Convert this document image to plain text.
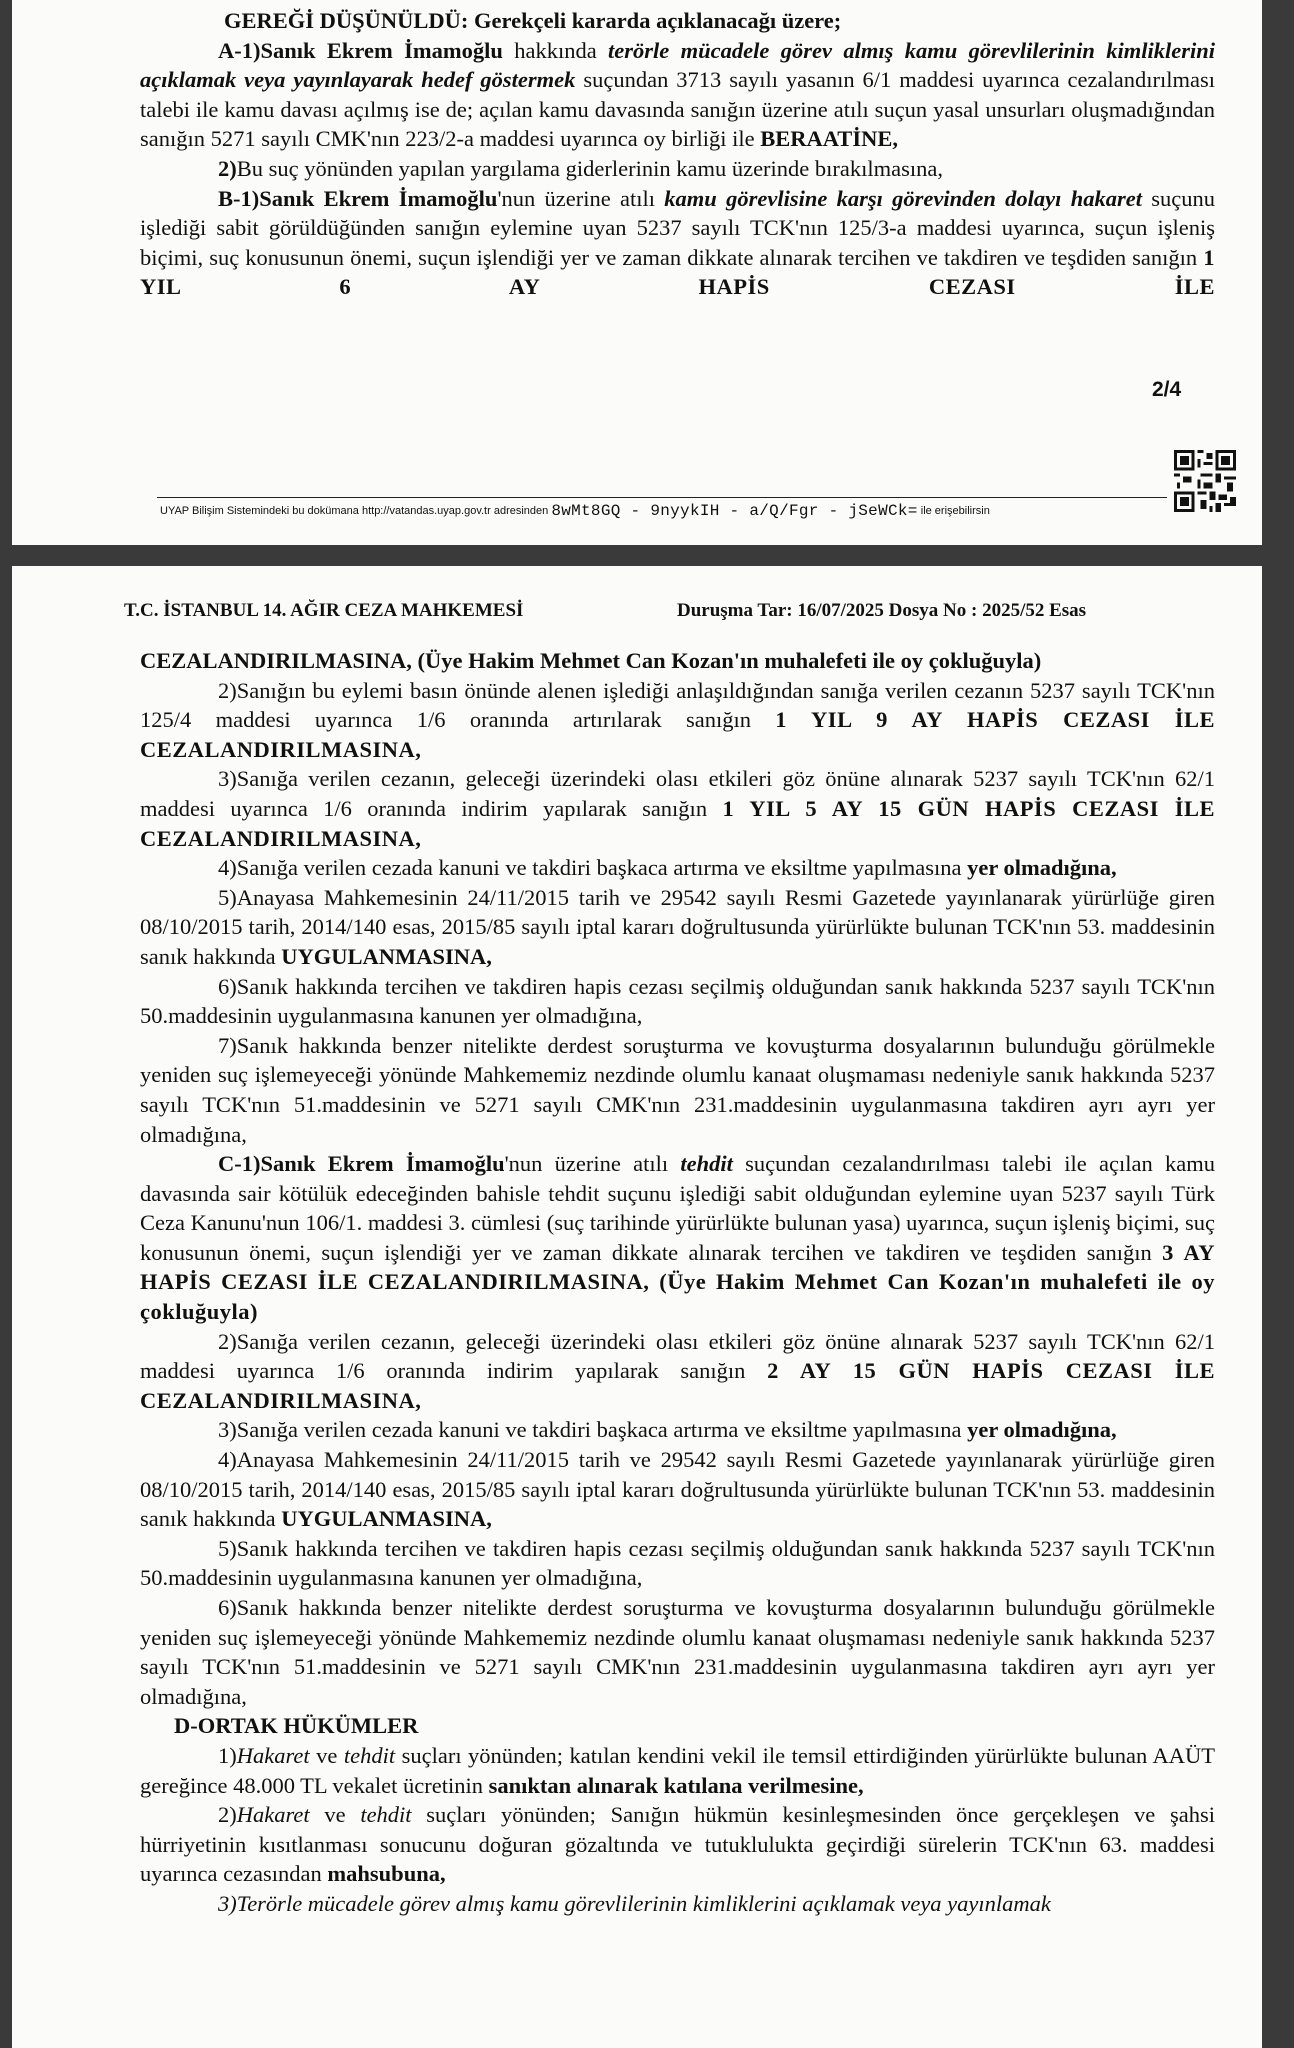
GEREĞİ DÜŞÜNÜLDÜ: Gerekçeli kararda açıklanacağı üzere;

A-1)Sanık Ekrem İmamoğlu hakkında terörle mücadele görev almış kamu görevlilerinin kimliklerini açıklamak veya yayınlayarak hedef göstermek suçundan 3713 sayılı yasanın 6/1 maddesi uyarınca cezalandırılması talebi ile kamu davası açılmış ise de; açılan kamu davasında sanığın üzerine atılı suçun yasal unsurları oluşmadığından sanığın 5271 sayılı CMK'nın 223/2-a maddesi uyarınca oy birliği ile BERAATİNE,

2)Bu suç yönünden yapılan yargılama giderlerinin kamu üzerinde bırakılmasına,

B-1)Sanık Ekrem İmamoğlu'nun üzerine atılı kamu görevlisine karşı görevinden dolayı hakaret suçunu işlediği sabit görüldüğünden sanığın eylemine uyan 5237 sayılı TCK'nın 125/3-a maddesi uyarınca, suçun işleniş biçimi, suç konusunun önemi, suçun işlendiği yer ve zaman dikkate alınarak tercihen ve takdiren ve teşdiden sanığın 1 YIL 6 AY HAPİS CEZASI İLE

2/4
UYAP Bilişim Sistemindeki bu dokümana http://vatandas.uyap.gov.tr adresinden 8wMt8GQ - 9nyykIH - a/Q/Fgr - jSeWCk= ile erişebilirsin
T.C. İSTANBUL 14. AĞIR CEZA MAHKEMESİ	Duruşma Tar: 16/07/2025 Dosya No : 2025/52 Esas

CEZALANDIRILMASINA, (Üye Hakim Mehmet Can Kozan'ın muhalefeti ile oy çokluğuyla)

2)Sanığın bu eylemi basın önünde alenen işlediği anlaşıldığından sanığa verilen cezanın 5237 sayılı TCK'nın 125/4 maddesi uyarınca 1/6 oranında artırılarak sanığın 1 YIL 9 AY HAPİS CEZASI İLE CEZALANDIRILMASINA,

3)Sanığa verilen cezanın, geleceği üzerindeki olası etkileri göz önüne alınarak 5237 sayılı TCK'nın 62/1 maddesi uyarınca 1/6 oranında indirim yapılarak sanığın 1 YIL 5 AY 15 GÜN HAPİS CEZASI İLE CEZALANDIRILMASINA,

4)Sanığa verilen cezada kanuni ve takdiri başkaca artırma ve eksiltme yapılmasına yer olmadığına,

5)Anayasa Mahkemesinin 24/11/2015 tarih ve 29542 sayılı Resmi Gazetede yayınlanarak yürürlüğe giren 08/10/2015 tarih, 2014/140 esas, 2015/85 sayılı iptal kararı doğrultusunda yürürlükte bulunan TCK'nın 53. maddesinin sanık hakkında UYGULANMASINA,

6)Sanık hakkında tercihen ve takdiren hapis cezası seçilmiş olduğundan sanık hakkında 5237 sayılı TCK'nın 50.maddesinin uygulanmasına kanunen yer olmadığına,

7)Sanık hakkında benzer nitelikte derdest soruşturma ve kovuşturma dosyalarının bulunduğu görülmekle yeniden suç işlemeyeceği yönünde Mahkememiz nezdinde olumlu kanaat oluşmaması nedeniyle sanık hakkında 5237 sayılı TCK'nın 51.maddesinin ve 5271 sayılı CMK'nın 231.maddesinin uygulanmasına takdiren ayrı ayrı yer olmadığına,

C-1)Sanık Ekrem İmamoğlu'nun üzerine atılı tehdit suçundan cezalandırılması talebi ile açılan kamu davasında sair kötülük edeceğinden bahisle tehdit suçunu işlediği sabit olduğundan eylemine uyan 5237 sayılı Türk Ceza Kanunu'nun 106/1. maddesi 3. cümlesi (suç tarihinde yürürlükte bulunan yasa) uyarınca, suçun işleniş biçimi, suç konusunun önemi, suçun işlendiği yer ve zaman dikkate alınarak tercihen ve takdiren ve teşdiden sanığın 3 AY HAPİS CEZASI İLE CEZALANDIRILMASINA, (Üye Hakim Mehmet Can Kozan'ın muhalefeti ile oy çokluğuyla)

2)Sanığa verilen cezanın, geleceği üzerindeki olası etkileri göz önüne alınarak 5237 sayılı TCK'nın 62/1 maddesi uyarınca 1/6 oranında indirim yapılarak sanığın 2 AY 15 GÜN HAPİS CEZASI İLE CEZALANDIRILMASINA,

3)Sanığa verilen cezada kanuni ve takdiri başkaca artırma ve eksiltme yapılmasına yer olmadığına,

4)Anayasa Mahkemesinin 24/11/2015 tarih ve 29542 sayılı Resmi Gazetede yayınlanarak yürürlüğe giren 08/10/2015 tarih, 2014/140 esas, 2015/85 sayılı iptal kararı doğrultusunda yürürlükte bulunan TCK'nın 53. maddesinin sanık hakkında UYGULANMASINA,

5)Sanık hakkında tercihen ve takdiren hapis cezası seçilmiş olduğundan sanık hakkında 5237 sayılı TCK'nın 50.maddesinin uygulanmasına kanunen yer olmadığına,

6)Sanık hakkında benzer nitelikte derdest soruşturma ve kovuşturma dosyalarının bulunduğu görülmekle yeniden suç işlemeyeceği yönünde Mahkememiz nezdinde olumlu kanaat oluşmaması nedeniyle sanık hakkında 5237 sayılı TCK'nın 51.maddesinin ve 5271 sayılı CMK'nın 231.maddesinin uygulanmasına takdiren ayrı ayrı yer olmadığına,

D-ORTAK HÜKÜMLER

1)Hakaret ve tehdit suçları yönünden; katılan kendini vekil ile temsil ettirdiğinden yürürlükte bulunan AAÜT gereğince 48.000 TL vekalet ücretinin sanıktan alınarak katılana verilmesine,

2)Hakaret ve tehdit suçları yönünden; Sanığın hükmün kesinleşmesinden önce gerçekleşen ve şahsi hürriyetinin kısıtlanması sonucunu doğuran gözaltında ve tutuklulukta geçirdiği sürelerin TCK'nın 63. maddesi uyarınca cezasından mahsubuna,

3)Terörle mücadele görev almış kamu görevlilerinin kimliklerini açıklamak veya yayınlamak
